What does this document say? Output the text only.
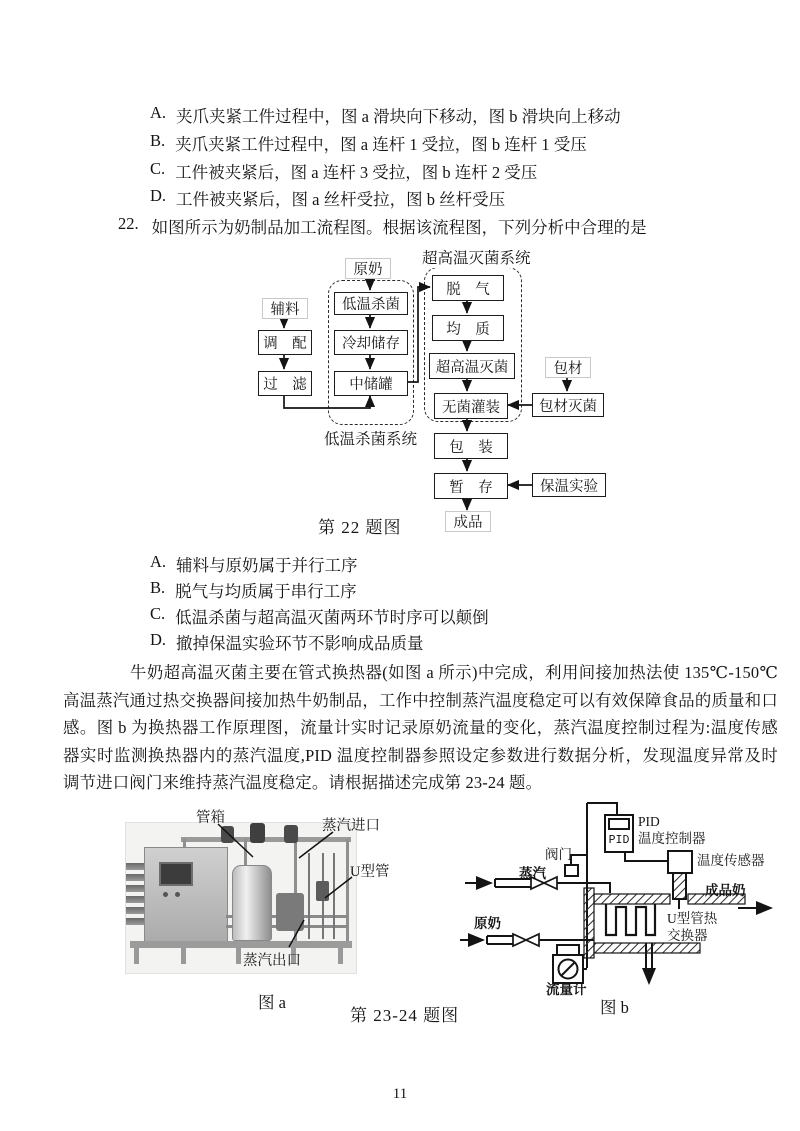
A. 夹爪夹紧工件过程中，图 a 滑块向下移动，图 b 滑块向上移动
B. 夹爪夹紧工件过程中，图 a 连杆 1 受拉，图 b 连杆 1 受压
C. 工件被夹紧后，图 a 连杆 3 受拉，图 b 连杆 2 受压
D. 工件被夹紧后，图 a 丝杆受拉，图 b 丝杆受压
22. 如图所示为奶制品加工流程图。根据该流程图，下列分析中合理的是
超高温灭菌系统
低温杀菌系统
辅料
原奶
包材
成品
调　配
过　滤
低温杀菌
冷却储存
中储罐
脱　气
均　质
超高温灭菌
无菌灌装	包材灭菌
包　装
暂　存	保温实验
第 22 题图
A. 辅料与原奶属于并行工序
B. 脱气与均质属于串行工序
C. 低温杀菌与超高温灭菌两环节时序可以颠倒
D. 撤掉保温实验环节不影响成品质量
牛奶超高温灭菌主要在管式换热器(如图 a 所示)中完成，利用间接加热法使 135℃-150℃高温蒸汽通过热交换器间接加热牛奶制品，工作中控制蒸汽温度稳定可以有效保障食品的质量和口感。图 b 为换热器工作原理图，流量计实时记录原奶流量的变化，蒸汽温度控制过程为:温度传感器实时监测换热器内的蒸汽温度,PID 温度控制器参照设定参数进行数据分析，发现温度异常及时调节进口阀门来维持蒸汽温度稳定。请根据描述完成第 23-24 题。
管箱	蒸汽进口
U型管
蒸汽出口
PID
PID
温度控制器
阀门
蒸汽
温度传感器
成品奶
原奶	U型管热
交换器
流量计
图 a
第 23-24 题图	图 b
11
